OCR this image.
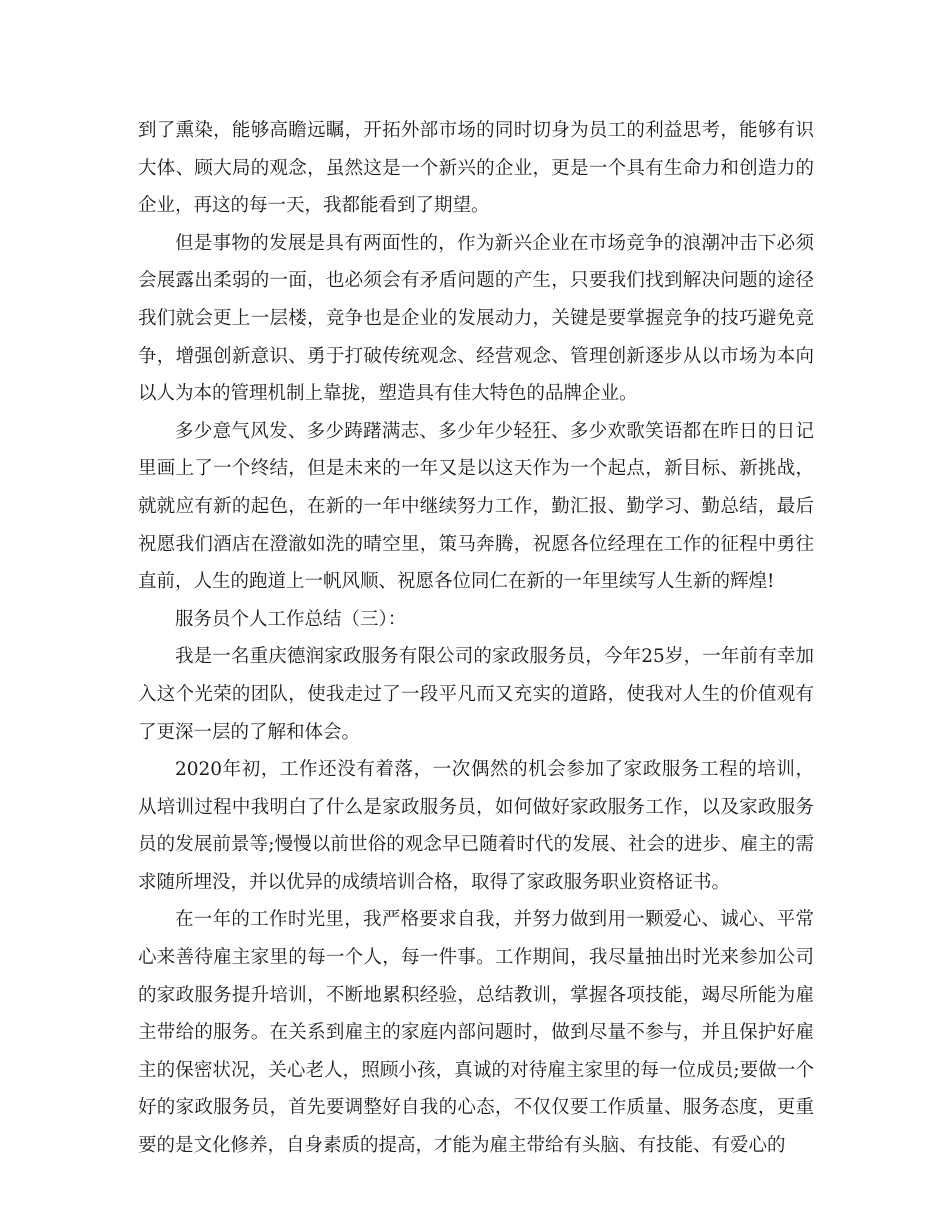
到了熏染，能够高瞻远瞩，开拓外部市场的同时切身为员工的利益思考，能够有识大体、顾大局的观念，虽然这是一个新兴的企业，更是一个具有生命力和创造力的企业，再这的每一天，我都能看到了期望。

但是事物的发展是具有两面性的，作为新兴企业在市场竞争的浪潮冲击下必须会展露出柔弱的一面，也必须会有矛盾问题的产生，只要我们找到解决问题的途径我们就会更上一层楼，竞争也是企业的发展动力，关键是要掌握竞争的技巧避免竞争，增强创新意识、勇于打破传统观念、经营观念、管理创新逐步从以市场为本向以人为本的管理机制上靠拢，塑造具有佳大特色的品牌企业。

多少意气风发、多少踌躇满志、多少年少轻狂、多少欢歌笑语都在昨日的日记里画上了一个终结，但是未来的一年又是以这天作为一个起点，新目标、新挑战，就就应有新的起色，在新的一年中继续努力工作，勤汇报、勤学习、勤总结，最后祝愿我们酒店在澄澈如洗的晴空里，策马奔腾，祝愿各位经理在工作的征程中勇往直前，人生的跑道上一帆风顺、祝愿各位同仁在新的一年里续写人生新的辉煌!

服务员个人工作总结（三）：

我是一名重庆德润家政服务有限公司的家政服务员，今年25岁，一年前有幸加入这个光荣的团队，使我走过了一段平凡而又充实的道路，使我对人生的价值观有了更深一层的了解和体会。

2020年初，工作还没有着落，一次偶然的机会参加了家政服务工程的培训，从培训过程中我明白了什么是家政服务员，如何做好家政服务工作，以及家政服务员的发展前景等;慢慢以前世俗的观念早已随着时代的发展、社会的进步、雇主的需求随所埋没，并以优异的成绩培训合格，取得了家政服务职业资格证书。

在一年的工作时光里，我严格要求自我，并努力做到用一颗爱心、诚心、平常心来善待雇主家里的每一个人，每一件事。工作期间，我尽量抽出时光来参加公司的家政服务提升培训，不断地累积经验，总结教训，掌握各项技能，竭尽所能为雇主带给的服务。在关系到雇主的家庭内部问题时，做到尽量不参与，并且保护好雇主的保密状况，关心老人，照顾小孩，真诚的对待雇主家里的每一位成员;要做一个好的家政服务员，首先要调整好自我的心态，不仅仅要工作质量、服务态度，更重要的是文化修养，自身素质的提高，才能为雇主带给有头脑、有技能、有爱心的
